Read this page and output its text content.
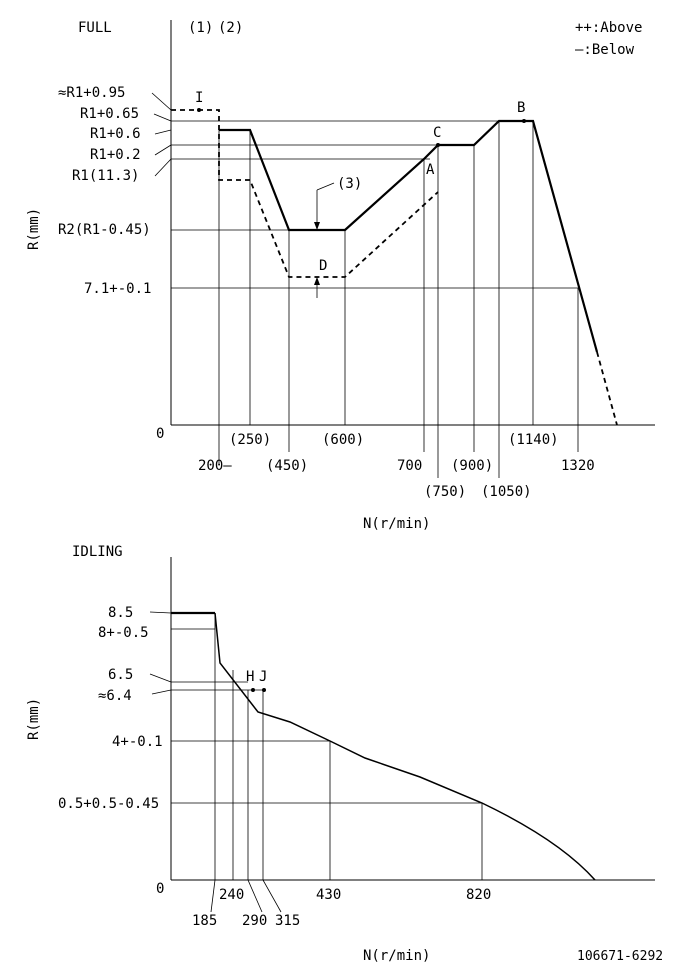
++:Above
—:Below
FULL	(1) (2)
I
A
B
C
D
(3)
≈R1+0.95
R1+0.65
R1+0.6
R1+0.2
R1(11.3)
R2(R1-0.45)
7.1+-0.1
0
R(mm)
(250)	(600)	(1140)
200— (450)	700 (900)	1320
(750) (1050)
N(r/min)
IDLING
H J
8.5
8+-0.5
6.5
≈6.4
4+-0.1
0.5+0.5-0.45
0
R(mm)
240	430	820
185 290 315
N(r/min)	106671-6292
